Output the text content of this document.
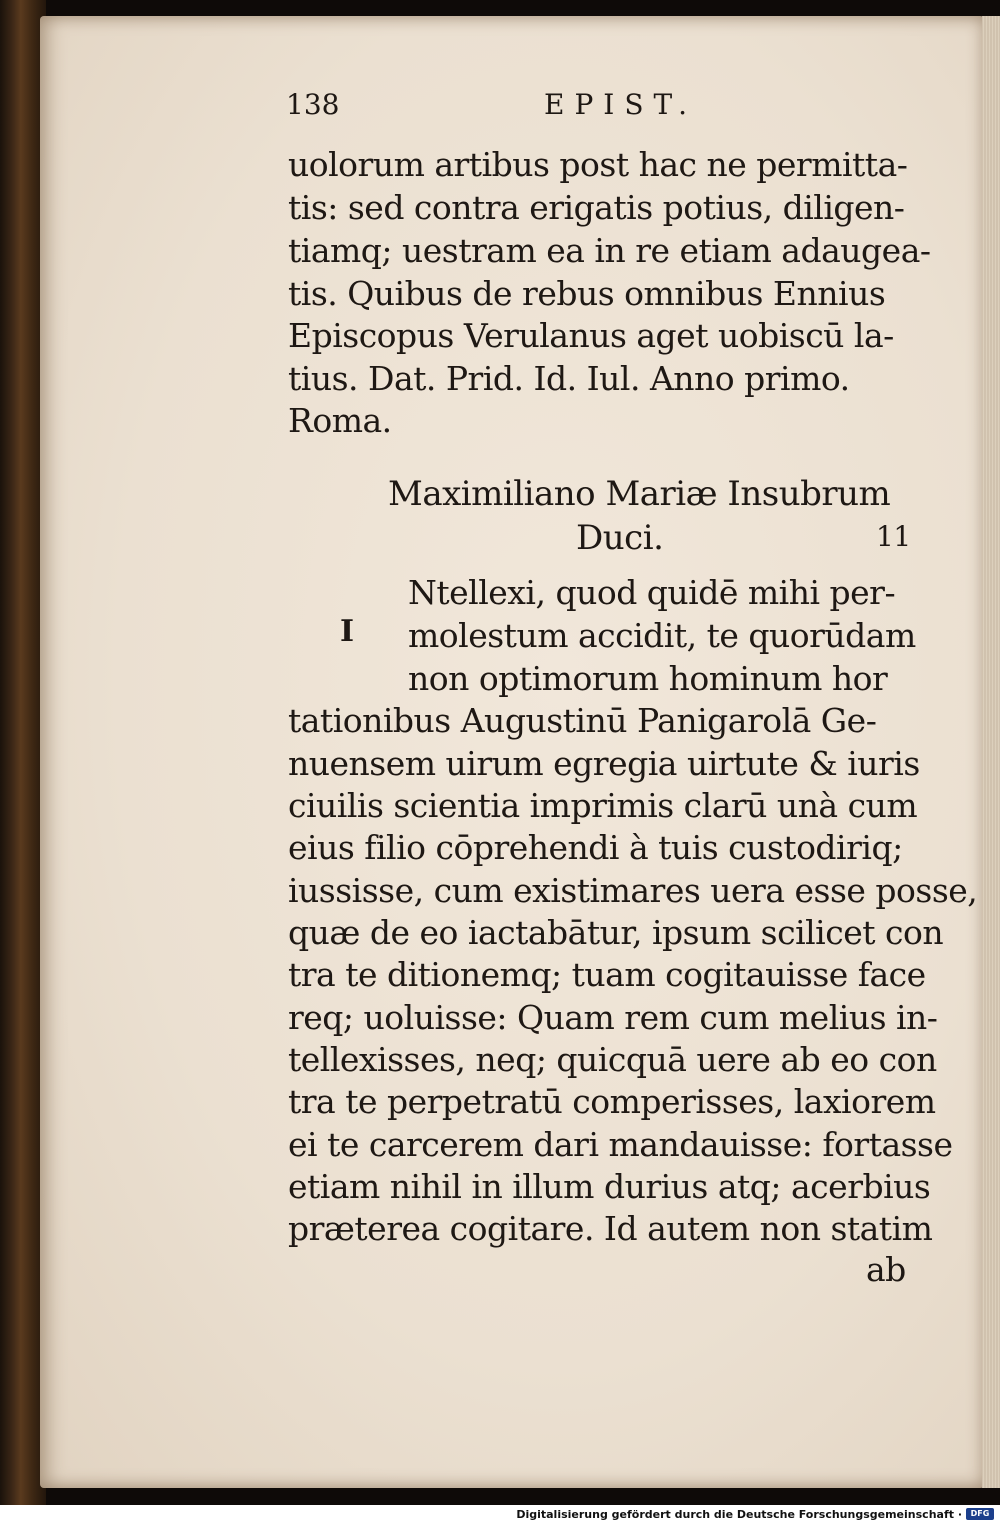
138	EPIST.
uolorum artibus post hac ne permitta-
tis: sed contra erigatis potius, diligen-
tiamq; uestram ea in re etiam adaugea-
tis. Quibus de rebus omnibus Ennius
Episcopus Verulanus aget uobiscū la-
tius. Dat. Prid. Id. Iul. Anno primo.
Roma.
Maximiliano Mariæ Insubrum
Duci.	11
I
Ntellexi, quod quidē mihi per-
molestum accidit, te quorūdam
non optimorum hominum hor
tationibus Augustinū Panigarolā Ge-
nuensem uirum egregia uirtute & iuris
ciuilis scientia imprimis clarū unà cum
eius filio cōprehendi à tuis custodiriq;
iussisse, cum existimares uera esse posse,
quæ de eo iactabātur, ipsum scilicet con
tra te ditionemq; tuam cogitauisse face
req; uoluisse: Quam rem cum melius in-
tellexisses, neq; quicquā uere ab eo con
tra te perpetratū comperisses, laxiorem
ei te carcerem dari mandauisse: fortasse
etiam nihil in illum durius atq; acerbius
præterea cogitare. Id autem non statim
ab
Digitalisierung gefördert durch die Deutsche Forschungsgemeinschaft ·	DFG
